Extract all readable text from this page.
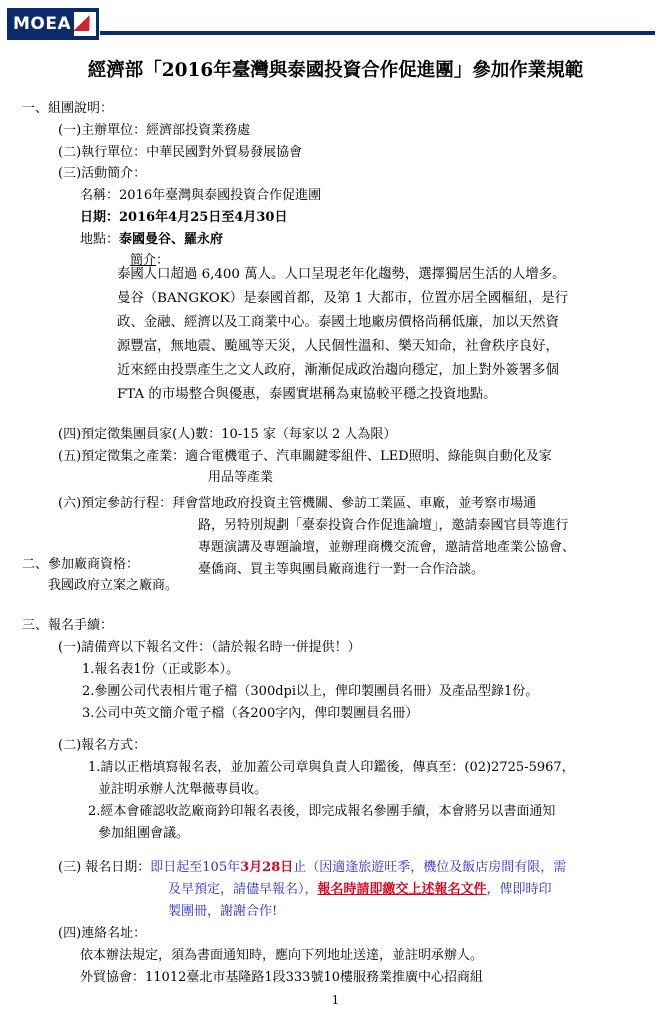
MOEA
經濟部「2016年臺灣與泰國投資合作促進團」參加作業規範
一、組團說明：
(一)主辦單位：經濟部投資業務處
(二)執行單位：中華民國對外貿易發展協會
(三)活動簡介：
名稱：2016年臺灣與泰國投資合作促進團
日期：2016年4月25日至4月30日
地點：泰國曼谷、羅永府
簡介：
泰國人口超過 6,400 萬人。人口呈現老年化趨勢，選擇獨居生活的人增多。
曼谷（BANGKOK）是泰國首都，及第 1 大都市，位置亦居全國樞紐，是行
政、金融、經濟以及工商業中心。泰國土地廠房價格尚稱低廉，加以天然資
源豐富，無地震、颱風等天災，人民個性溫和、樂天知命，社會秩序良好，
近來經由投票產生之文人政府，漸漸促成政治趨向穩定，加上對外簽署多個
FTA 的市場整合與優惠，泰國實堪稱為東協較平穩之投資地點。
(四)預定徵集團員家(人)數：10-15 家（每家以 2 人為限）
(五)預定徵集之產業：適合電機電子、汽車關鍵零組件、LED照明、綠能與自動化及家
用品等產業
(六)預定參訪行程：拜會當地政府投資主管機關、參訪工業區、車廠，並考察市場通
路，另特別規劃「臺泰投資合作促進論壇」，邀請泰國官員等進行
專題演講及專題論壇，並辦理商機交流會，邀請當地產業公協會、
臺僑商、買主等與團員廠商進行一對一合作洽談。
二、參加廠商資格：
我國政府立案之廠商。
三、報名手續：
(一)請備齊以下報名文件：（請於報名時一併提供！）
1.報名表1份（正或影本）。
2.參團公司代表相片電子檔（300dpi以上，俾印製團員名冊）及產品型錄1份。
3.公司中英文簡介電子檔（各200字內，俾印製團員名冊）
(二)報名方式：
1.請以正楷填寫報名表，並加蓋公司章與負責人印鑑後，傳真至：(02)2725-5967，
並註明承辦人沈舉薇專員收。
2.經本會確認收訖廠商鈐印報名表後，即完成報名參團手續，本會將另以書面通知
參加組團會議。
(三) 報名日期：即日起至105年3月28日止（因適逢旅遊旺季，機位及飯店房間有限，需
及早預定，請儘早報名），報名時請即繳交上述報名文件，俾即時印
製團冊，謝謝合作!
(四)連絡名址：
依本辦法規定，須為書面通知時，應向下列地址送達，並註明承辦人。
外貿協會：11012臺北市基隆路1段333號10樓服務業推廣中心招商組
1
